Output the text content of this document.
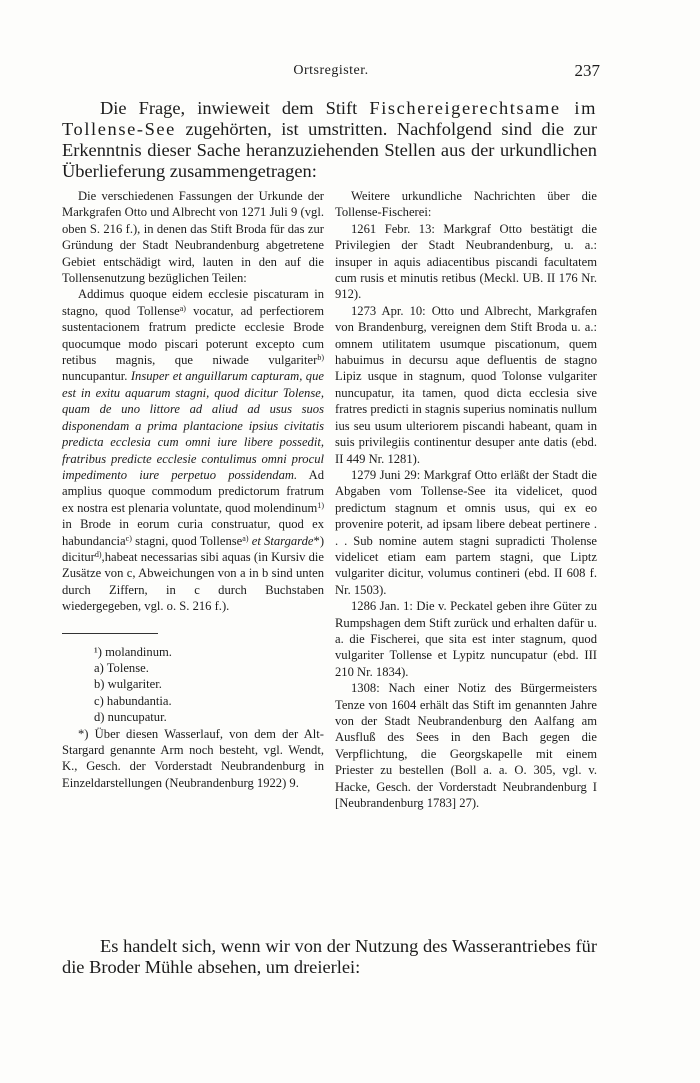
Ortsregister.	237

Die Frage, inwieweit dem Stift Fischereigerechtsame im Tollense-See zugehörten, ist umstritten. Nachfolgend sind die zur Erkenntnis dieser Sache heranzuziehenden Stellen aus der urkundlichen Überlieferung zusammengetragen:

Die verschiedenen Fassungen der Urkunde der Markgrafen Otto und Albrecht von 1271 Juli 9 (vgl. oben S. 216 f.), in denen das Stift Broda für das zur Gründung der Stadt Neubrandenburg abgetretene Gebiet entschädigt wird, lauten in den auf die Tollensenutzung bezüglichen Teilen:

Addimus quoque eidem ecclesie piscaturam in stagno, quod Tollense$^{a)}$ vocatur, ad perfectiorem sustentacionem fratrum predicte ecclesie Brode quocumque modo piscari poterunt excepto cum retibus magnis, que niwade vulgariter$^{b)}$ nuncupantur. Insuper et anguillarum capturam, que est in exitu aquarum stagni, quod dicitur Tolense, quam de uno littore ad aliud ad usus suos disponendam a prima plantacione ipsius civitatis predicta ecclesia cum omni iure libere possedit, fratribus predicte ecclesie contulimus omni procul impedimento iure perpetuo possidendam. Ad amplius quoque commodum predictorum fratrum ex nostra est plenaria voluntate, quod molendinum$^{1)}$ in Brode in eorum curia construatur, quod ex habundancia$^{c)}$ stagni, quod Tollense$^{a)}$ et Stargarde*) dicitur$^{d)}$,habeat necessarias sibi aquas (in Kursiv die Zusätze von c, Abweichungen von a in b sind unten durch Ziffern, in c durch Buchstaben wiedergegeben, vgl. o. S. 216 f.).

¹) molandinum.

a) Tolense.

b) wulgariter.

c) habundantia.

d) nuncupatur.

*) Über diesen Wasserlauf, von dem der Alt-Stargard genannte Arm noch besteht, vgl. Wendt, K., Gesch. der Vorderstadt Neubrandenburg in Einzeldarstellungen (Neubrandenburg 1922) 9.

Weitere urkundliche Nachrichten über die Tollense-Fischerei:

1261 Febr. 13: Markgraf Otto bestätigt die Privilegien der Stadt Neubrandenburg, u. a.: insuper in aquis adiacentibus piscandi facultatem cum rusis et minutis retibus (Meckl. UB. II 176 Nr. 912).

1273 Apr. 10: Otto und Albrecht, Markgrafen von Brandenburg, vereignen dem Stift Broda u. a.: omnem utilitatem usumque piscationum, quem habuimus in decursu aque defluentis de stagno Lipiz usque in stagnum, quod Tolonse vulgariter nuncupatur, ita tamen, quod dicta ecclesia sive fratres predicti in stagnis superius nominatis nullum ius seu usum ulteriorem piscandi habeant, quam in suis privilegiis continentur desuper ante datis (ebd. II 449 Nr. 1281).

1279 Juni 29: Markgraf Otto erläßt der Stadt die Abgaben vom Tollense-See ita videlicet, quod predictum stagnum et omnis usus, qui ex eo provenire poterit, ad ipsam libere debeat pertinere . . . Sub nomine autem stagni supradicti Tholense videlicet etiam eam partem stagni, que Liptz vulgariter dicitur, volumus contineri (ebd. II 608 f. Nr. 1503).

1286 Jan. 1: Die v. Peckatel geben ihre Güter zu Rumpshagen dem Stift zurück und erhalten dafür u. a. die Fischerei, que sita est inter stagnum, quod vulgariter Tollense et Lypitz nuncupatur (ebd. III 210 Nr. 1834).

1308: Nach einer Notiz des Bürgermeisters Tenze von 1604 erhält das Stift im genannten Jahre von der Stadt Neubrandenburg den Aalfang am Ausfluß des Sees in den Bach gegen die Verpflichtung, die Georgskapelle mit einem Priester zu bestellen (Boll a. a. O. 305, vgl. v. Hacke, Gesch. der Vorderstadt Neubrandenburg I [Neubrandenburg 1783] 27).

Es handelt sich, wenn wir von der Nutzung des Wasserantriebes für die Broder Mühle absehen, um dreierlei:
